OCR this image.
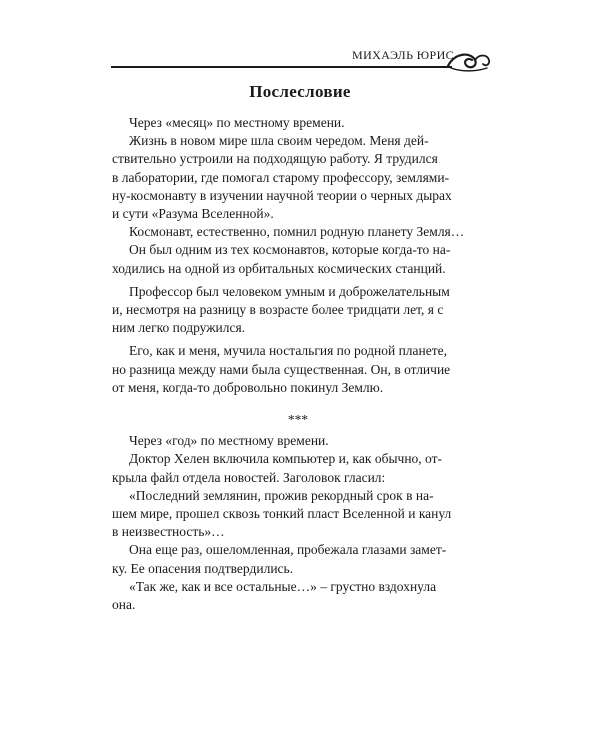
МИХАЭЛЬ ЮРИС
Послесловие

Через «месяц» по местному времени.

Жизнь в новом мире шла своим чередом. Меня дей-
ствительно устроили на подходящую работу. Я трудился
в лаборатории, где помогал старому профессору, землями-
ну-космонавту в изучении научной теории о черных дырах
и сути «Разума Вселенной».

Космонавт, естественно, помнил родную планету Земля…

Он был одним из тех космонавтов, которые когда-то на-
ходились на одной из орбитальных космических станций.

Профессор был человеком умным и доброжелательным
и, несмотря на разницу в возрасте более тридцати лет, я с
ним легко подружился.

Его, как и меня, мучила ностальгия по родной планете,
но разница между нами была существенная. Он, в отличие
от меня, когда-то добровольно покинул Землю.

***

Через «год» по местному времени.

Доктор Хелен включила компьютер и, как обычно, от-
крыла файл отдела новостей. Заголовок гласил:

«Последний землянин, прожив рекордный срок в на-
шем мире, прошел сквозь тонкий пласт Вселенной и канул
в неизвестность»…

Она еще раз, ошеломленная, пробежала глазами замет-
ку. Ее опасения подтвердились.

«Так же, как и все остальные…» – грустно вздохнула
она.
